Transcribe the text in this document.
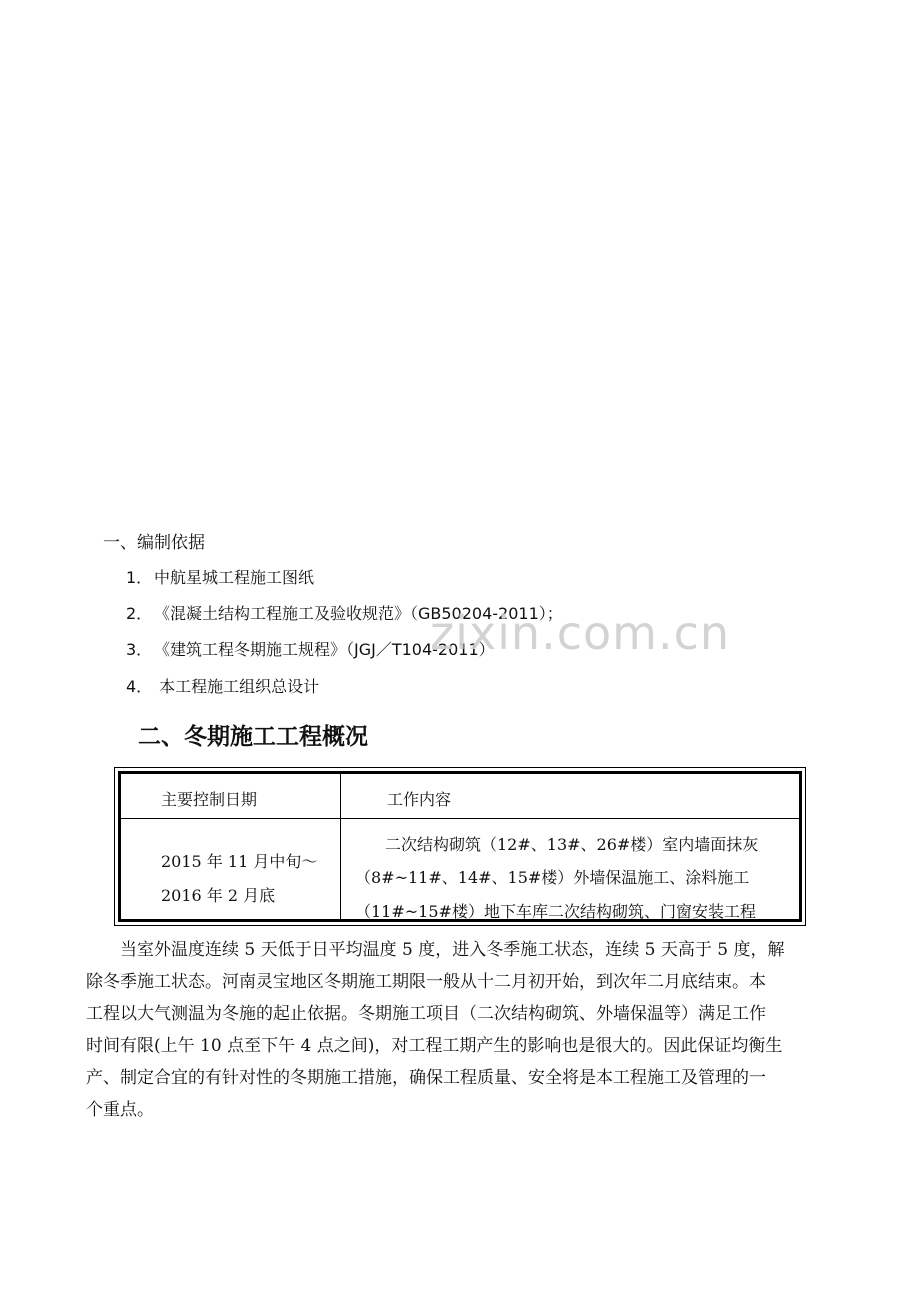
一、编制依据
1． 中航星城工程施工图纸
2． 《混凝土结构工程施工及验收规范》（GB50204-2011）；
3． 《建筑工程冬期施工规程》（JGJ／T104-2011）
4． 本工程施工组织总设计
zixin.com.cn
二、冬期施工工程概况
主要控制日期	工作内容
2015 年 11 月中旬～
2016 年 2 月底
二次结构砌筑（12#、13#、26#楼）室内墙面抹灰
（8#~11#、14#、15#楼）外墙保温施工、涂料施工
（11#~15#楼）地下车库二次结构砌筑、门窗安装工程
当室外温度连续 5 天低于日平均温度 5 度，进入冬季施工状态，连续 5 天高于 5 度，解
除冬季施工状态。河南灵宝地区冬期施工期限一般从十二月初开始，到次年二月底结束。本
工程以大气测温为冬施的起止依据。冬期施工项目（二次结构砌筑、外墙保温等）满足工作
时间有限(上午 10 点至下午 4 点之间)，对工程工期产生的影响也是很大的。因此保证均衡生
产、制定合宜的有针对性的冬期施工措施，确保工程质量、安全将是本工程施工及管理的一
个重点。
